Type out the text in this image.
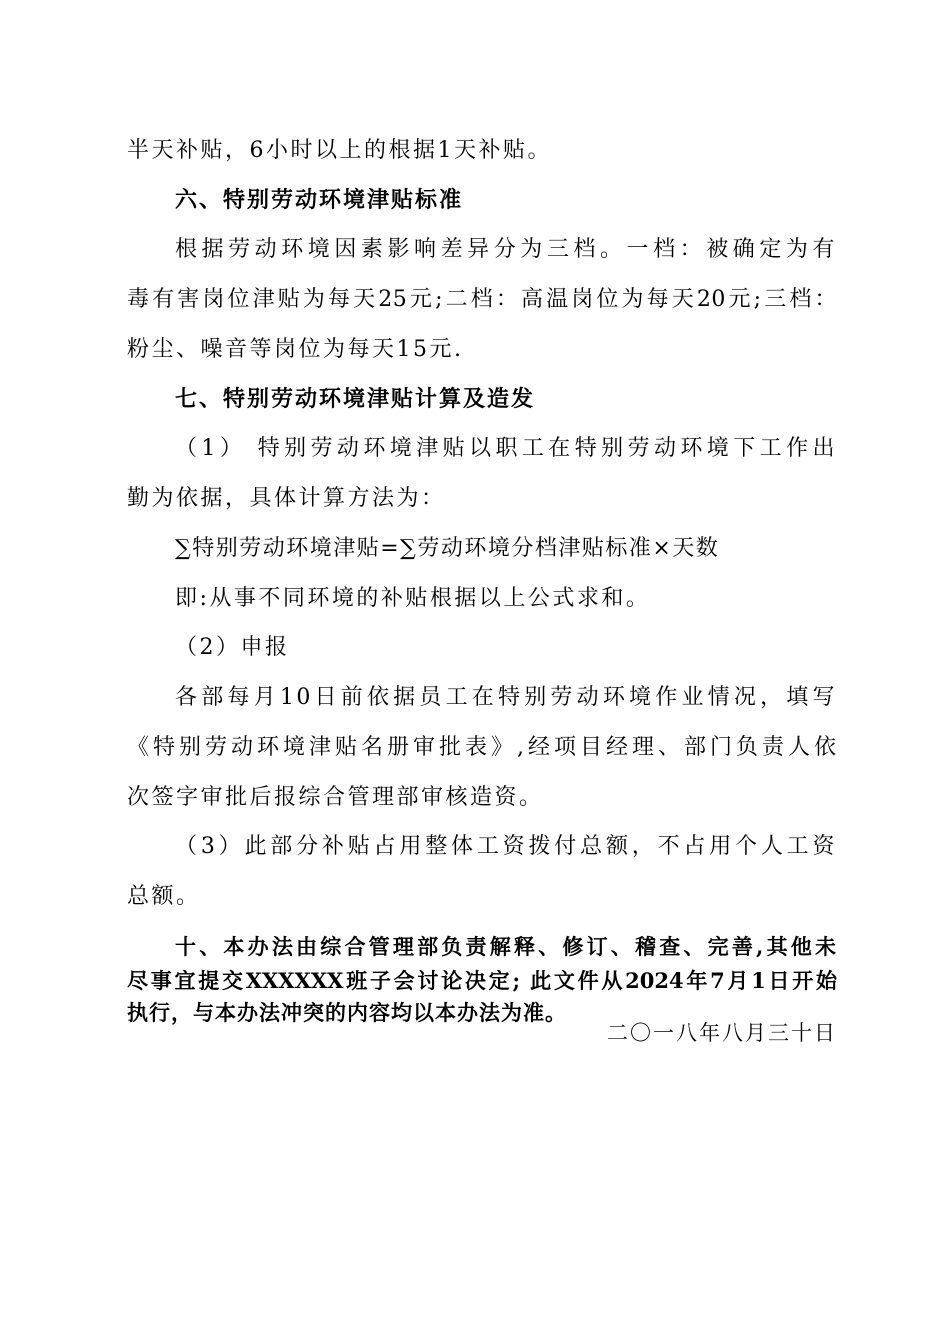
半天补贴，6小时以上的根据1天补贴。
六、特别劳动环境津贴标准
根据劳动环境因素影响差异分为三档。一档：被确定为有
毒有害岗位津贴为每天25元;二档：高温岗位为每天20元;三档：
粉尘、噪音等岗位为每天15元.
七、特别劳动环境津贴计算及造发
（1） 特别劳动环境津贴以职工在特别劳动环境下工作出
勤为依据，具体计算方法为：
∑特别劳动环境津贴=∑劳动环境分档津贴标准×天数
即:从事不同环境的补贴根据以上公式求和。
（2）申报
各部每月10日前依据员工在特别劳动环境作业情况，填写
《特别劳动环境津贴名册审批表》,经项目经理、部门负责人依
次签字审批后报综合管理部审核造资。
（3）此部分补贴占用整体工资拨付总额，不占用个人工资
总额。
十、本办法由综合管理部负责解释、修订、稽查、完善,其他未
尽事宜提交XXXXXX班子会讨论决定; 此文件从2024年7月1日开始
执行，与本办法冲突的内容均以本办法为准。
二〇一八年八月三十日
